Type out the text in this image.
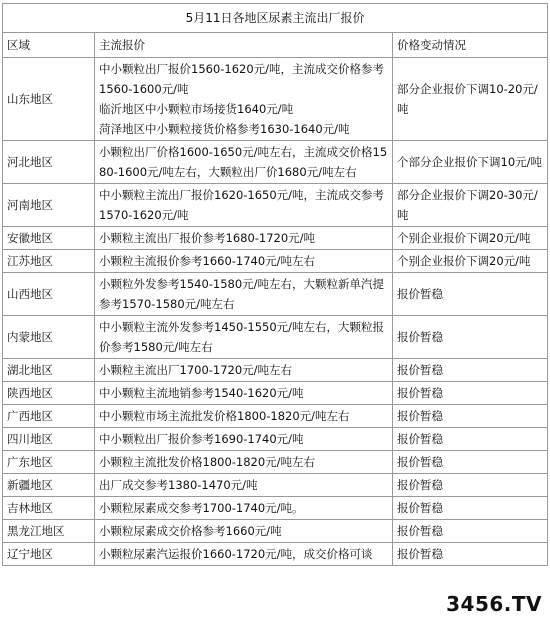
5月11日各地区尿素主流出厂报价		
区域	主流报价	价格变动情况
山东地区	中小颗粒出厂报价1560-1620元/吨，主流成交价格参考1560-1600元/吨
临沂地区中小颗粒市场接货1640元/吨
菏泽地区中小颗粒接货价格参考1630-1640元/吨	部分企业报价下调10-20元/吨
河北地区	小颗粒出厂价格1600-1650元/吨左右，主流成交价格1580-1600元/吨左右，大颗粒出厂价1680元/吨左右	个部分企业报价下调10元/吨
河南地区	中小颗粒主流出厂报价1620-1650元/吨，主流成交参考1570-1620元/吨	部分企业报价下调20-30元/吨
安徽地区	小颗粒主流出厂报价参考1680-1720元/吨	个别企业报价下调20元/吨
江苏地区	小颗粒主流报价参考1660-1740元/吨左右	个别企业报价下调20元/吨
山西地区	小颗粒外发参考1540-1580元/吨左右，大颗粒新单汽提参考1570-1580元/吨左右	报价暂稳
内蒙地区	中小颗粒主流外发参考1450-1550元/吨左右，大颗粒报价参考1580元/吨左右	报价暂稳
湖北地区	小颗粒主流出厂1700-1720元/吨左右	报价暂稳
陕西地区	中小颗粒主流地销参考1540-1620元/吨	报价暂稳
广西地区	中小颗粒市场主流批发价格1800-1820元/吨左右	报价暂稳
四川地区	中小颗粒出厂报价参考1690-1740元/吨	报价暂稳
广东地区	小颗粒主流批发价格1800-1820元/吨左右	报价暂稳
新疆地区	出厂成交参考1380-1470元/吨	报价暂稳
吉林地区	小颗粒尿素成交参考1700-1740元/吨。	报价暂稳
黑龙江地区	小颗粒尿素成交价格参考1660元/吨	报价暂稳
辽宁地区	小颗粒尿素汽运报价1660-1720元/吨，成交价格可谈	报价暂稳
3456.TV
